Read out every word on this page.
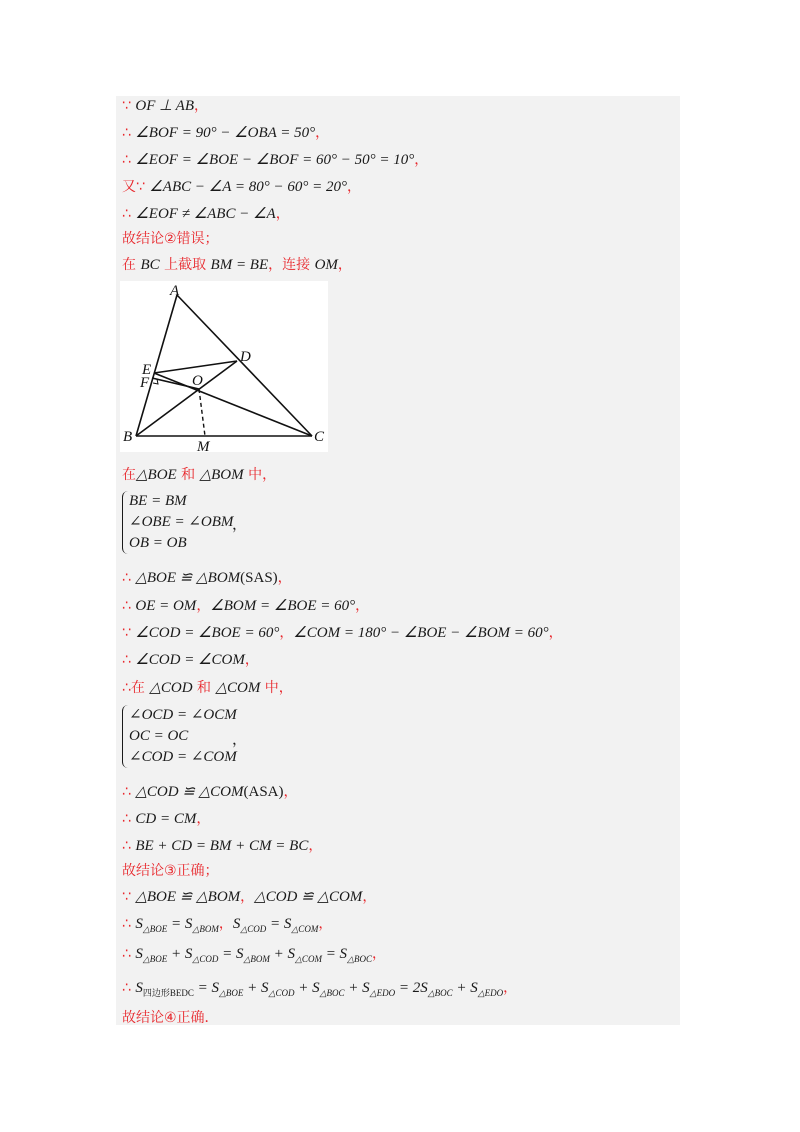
∵ OF ⊥ AB，
∴ ∠BOF = 90° − ∠OBA = 50°，
∴ ∠EOF = ∠BOE − ∠BOF = 60° − 50° = 10°，
又∵ ∠ABC − ∠A = 80° − 60° = 20°，
∴ ∠EOF ≠ ∠ABC − ∠A，
故结论②错误；
在 BC 上截取 BM = BE，连接 OM，
A
D
E
F	O
B
M
C
在△BOE 和 △BOM 中，
BE = BM
∠OBE = ∠OBM
OB = OB
，
∴ △BOE ≌ △BOM(SAS)，
∴ OE = OM，∠BOM = ∠BOE = 60°，
∵ ∠COD = ∠BOE = 60°，∠COM = 180° − ∠BOE − ∠BOM = 60°，
∴ ∠COD = ∠COM，
∴在 △COD 和 △COM 中，
∠OCD = ∠OCM
OC = OC
∠COD = ∠COM
，
∴ △COD ≌ △COM(ASA)，
∴ CD = CM，
∴ BE + CD = BM + CM = BC，
故结论③正确；
∵ △BOE ≌ △BOM，△COD ≌ △COM，
∴ $S_{\triangle BOE} = S_{\triangle BOM}$，$S_{\triangle COD} = S_{\triangle COM}$，
∴ $S_{\triangle BOE} + S_{\triangle COD} = S_{\triangle BOM} + S_{\triangle COM} = S_{\triangle BOC}$，
∴ $S_{四边形BEDC} = S_{\triangle BOE} + S_{\triangle COD} + S_{\triangle BOC} + S_{\triangle EDO} = 2S_{\triangle BOC} + S_{\triangle EDO}$，
故结论④正确．
